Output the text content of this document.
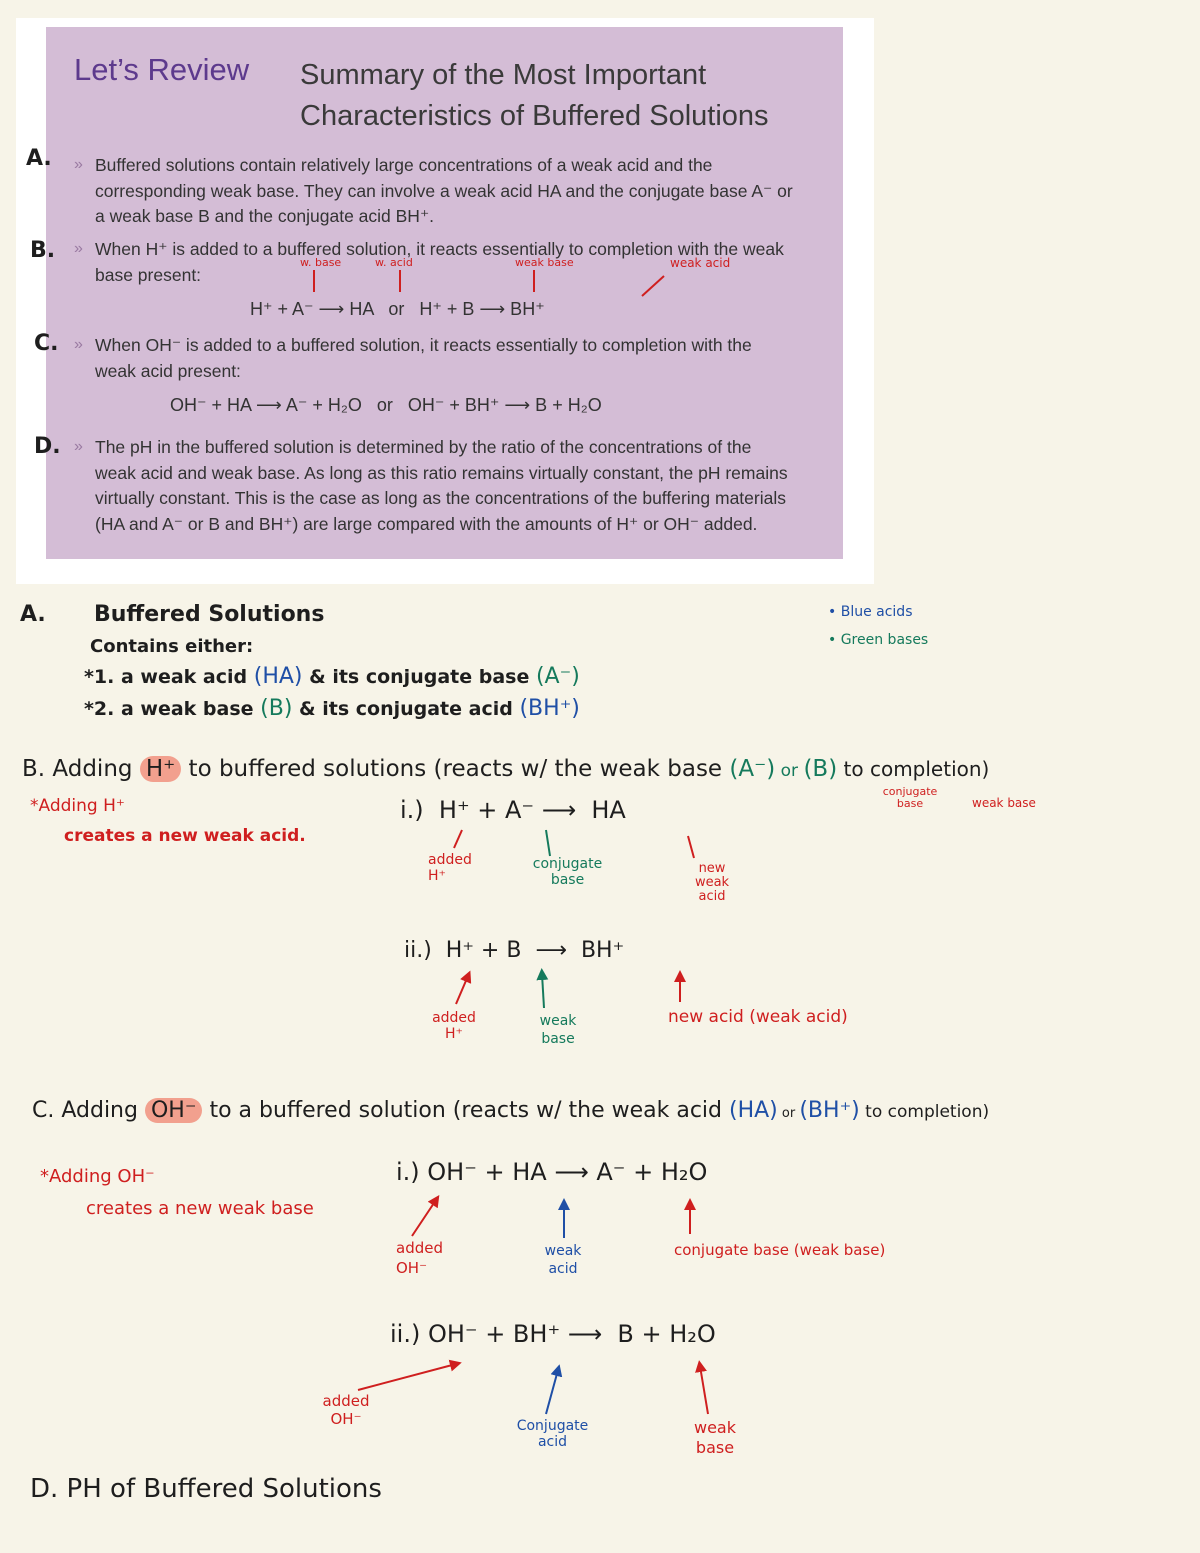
Let’s Review Summary of the Most Important
Characteristics of Buffered Solutions
A.
B.
C.
D.
»
»
»
»
Buffered solutions contain relatively large concentrations of a weak acid and the
corresponding weak base. They can involve a weak acid HA and the conjugate base A⁻ or
a weak base B and the conjugate acid BH⁺.
When H⁺ is added to a buffered solution, it reacts essentially to completion with the weak
base present:
H⁺ + A⁻ ⟶ HA   or   H⁺ + B ⟶ BH⁺
w. base	w. acid	weak base	weak acid
When OH⁻ is added to a buffered solution, it reacts essentially to completion with the
weak acid present:
OH⁻ + HA ⟶ A⁻ + H₂O   or   OH⁻ + BH⁺ ⟶ B + H₂O
The pH in the buffered solution is determined by the ratio of the concentrations of the
weak acid and weak base. As long as this ratio remains virtually constant, the pH remains
virtually constant. This is the case as long as the concentrations of the buffering materials
(HA and A⁻ or B and BH⁺) are large compared with the amounts of H⁺ or OH⁻ added.
• Blue acids
• Green bases
A. Buffered Solutions
Contains either:
*1. a weak acid (HA) & its conjugate base (A⁻)
*2. a weak base (B) & its conjugate acid (BH⁺)
B. Adding H⁺ to buffered solutions (reacts w/ the weak base (A⁻) or (B) to completion)
conjugate base	weak base
*Adding H⁺
creates a new weak acid.
i.)  H⁺ + A⁻ ⟶  HA
added H⁺
conjugate base
new weak acid
ii.)  H⁺ + B  ⟶  BH⁺
added H⁺
weak base
new acid (weak acid)
C. Adding OH⁻ to a buffered solution (reacts w/ the weak acid (HA) or (BH⁺) to completion)
*Adding OH⁻
creates a new weak base
i.) OH⁻ + HA ⟶ A⁻ + H₂O
added OH⁻
weak acid
conjugate base (weak base)
ii.) OH⁻ + BH⁺ ⟶  B + H₂O
added OH⁻	Conjugate acid
weak base
D. PH of Buffered Solutions
